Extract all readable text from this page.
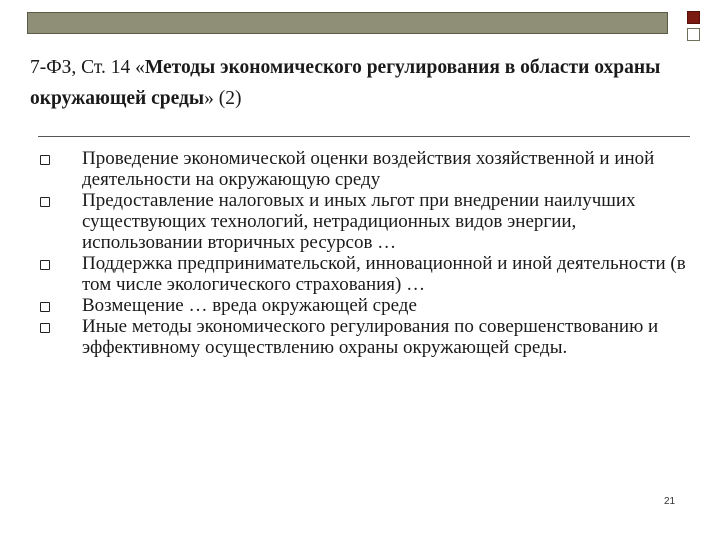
7-ФЗ, Ст. 14 «Методы экономического регулирования в области охраны окружающей среды» (2)
Проведение экономической оценки воздействия хозяйственной и иной деятельности на окружающую среду
Предоставление налоговых и иных льгот при внедрении наилучших существующих технологий, нетрадиционных видов энергии, использовании вторичных ресурсов …
Поддержка предпринимательской, инновационной и иной деятельности (в том числе экологического страхования) …
Возмещение … вреда окружающей среде
Иные методы экономического регулирования по совершенствованию и эффективному осуществлению охраны окружающей среды.
21
